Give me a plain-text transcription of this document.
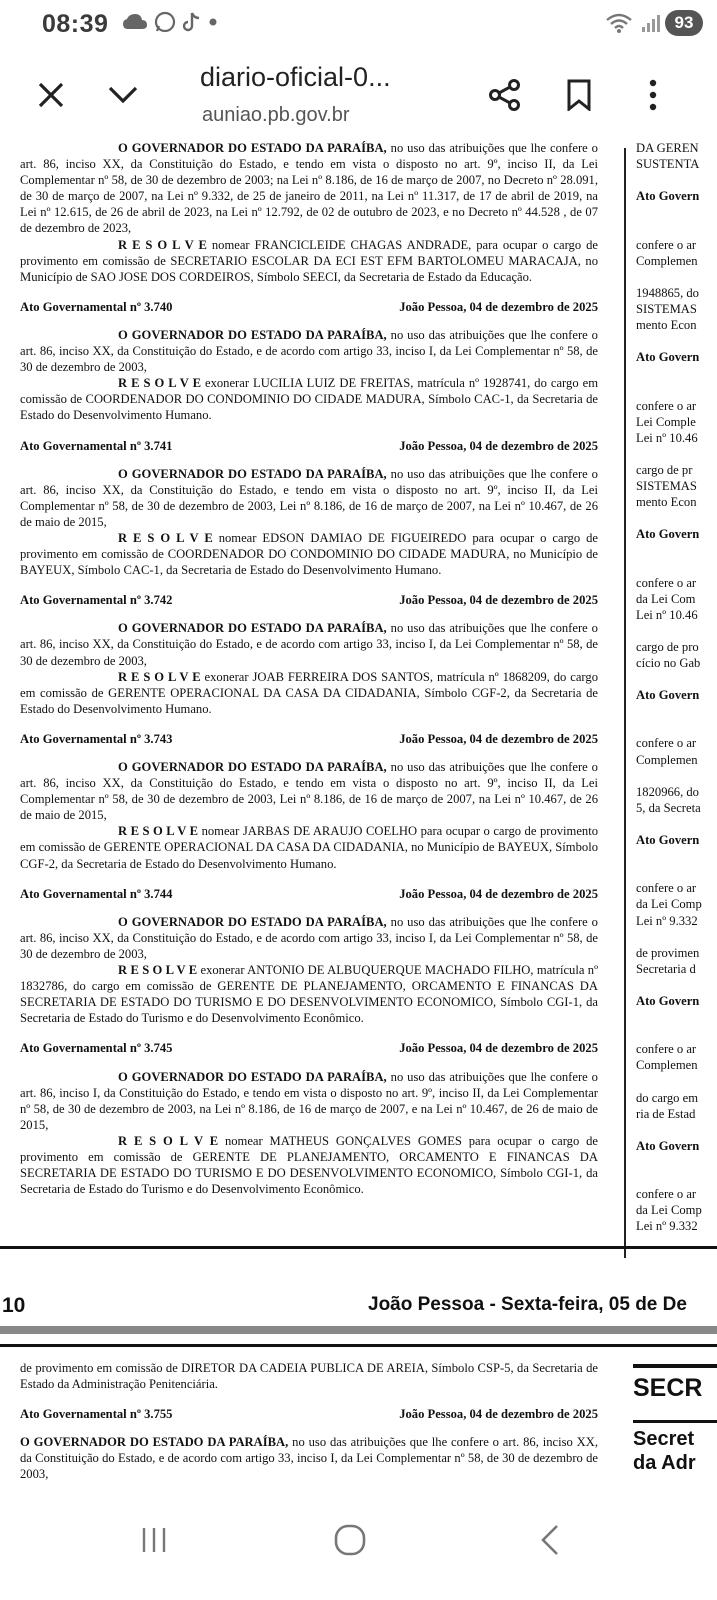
08:39	93
diario-oficial-0...
auniao.pb.gov.br

O GOVERNADOR DO ESTADO DA PARAÍBA, no uso das atribuições que lhe confere o art. 86, inciso XX, da Constituição do Estado, e tendo em vista o disposto no art. 9º, inciso II, da Lei Complementar nº 58, de 30 de dezembro de 2003; na Lei nº 8.186, de 16 de março de 2007, no Decreto nº 28.091, de 30 de março de 2007, na Lei nº 9.332, de 25 de janeiro de 2011, na Lei nº 11.317, de 17 de abril de 2019, na Lei nº 12.615, de 26 de abril de 2023, na Lei nº 12.792, de 02 de outubro de 2023, e no Decreto nº 44.528 , de 07 de dezembro de 2023,

R E S O L V E nomear FRANCICLEIDE CHAGAS ANDRADE, para ocupar o cargo de provimento em comissão de SECRETARIO ESCOLAR DA ECI EST EFM BARTOLOMEU MARACAJA, no Município de SAO JOSE DOS CORDEIROS, Símbolo SEECI, da Secretaria de Estado da Educação.

Ato Governamental nº 3.740	João Pessoa, 04 de dezembro de 2025

O GOVERNADOR DO ESTADO DA PARAÍBA, no uso das atribuições que lhe confere o art. 86, inciso XX, da Constituição do Estado, e de acordo com artigo 33, inciso I, da Lei Complementar nº 58, de 30 de dezembro de 2003,

R E S O L V E exonerar LUCILIA LUIZ DE FREITAS, matrícula nº 1928741, do cargo em comissão de COORDENADOR DO CONDOMINIO DO CIDADE MADURA, Símbolo CAC-1, da Secretaria de Estado do Desenvolvimento Humano.

Ato Governamental nº 3.741	João Pessoa, 04 de dezembro de 2025

O GOVERNADOR DO ESTADO DA PARAÍBA, no uso das atribuições que lhe confere o art. 86, inciso XX, da Constituição do Estado, e tendo em vista o disposto no art. 9º, inciso II, da Lei Complementar nº 58, de 30 de dezembro de 2003, Lei nº 8.186, de 16 de março de 2007, na Lei nº 10.467, de 26 de maio de 2015,

R E S O L V E nomear EDSON DAMIAO DE FIGUEIREDO para ocupar o cargo de provimento em comissão de COORDENADOR DO CONDOMINIO DO CIDADE MADURA, no Município de BAYEUX, Símbolo CAC-1, da Secretaria de Estado do Desenvolvimento Humano.

Ato Governamental nº 3.742	João Pessoa, 04 de dezembro de 2025

O GOVERNADOR DO ESTADO DA PARAÍBA, no uso das atribuições que lhe confere o art. 86, inciso XX, da Constituição do Estado, e de acordo com artigo 33, inciso I, da Lei Complementar nº 58, de 30 de dezembro de 2003,

R E S O L V E exonerar JOAB FERREIRA DOS SANTOS, matrícula nº 1868209, do cargo em comissão de GERENTE OPERACIONAL DA CASA DA CIDADANIA, Símbolo CGF-2, da Secretaria de Estado do Desenvolvimento Humano.

Ato Governamental nº 3.743	João Pessoa, 04 de dezembro de 2025

O GOVERNADOR DO ESTADO DA PARAÍBA, no uso das atribuições que lhe confere o art. 86, inciso XX, da Constituição do Estado, e tendo em vista o disposto no art. 9º, inciso II, da Lei Complementar nº 58, de 30 de dezembro de 2003, Lei nº 8.186, de 16 de março de 2007, na Lei nº 10.467, de 26 de maio de 2015,

R E S O L V E nomear JARBAS DE ARAUJO COELHO para ocupar o cargo de provimento em comissão de GERENTE OPERACIONAL DA CASA DA CIDADANIA, no Município de BAYEUX, Símbolo CGF-2, da Secretaria de Estado do Desenvolvimento Humano.

Ato Governamental nº 3.744	João Pessoa, 04 de dezembro de 2025

O GOVERNADOR DO ESTADO DA PARAÍBA, no uso das atribuições que lhe confere o art. 86, inciso XX, da Constituição do Estado, e de acordo com artigo 33, inciso I, da Lei Complementar nº 58, de 30 de dezembro de 2003,

R E S O L V E exonerar ANTONIO DE ALBUQUERQUE MACHADO FILHO, matrícula nº 1832786, do cargo em comissão de GERENTE DE PLANEJAMENTO, ORCAMENTO E FINANCAS DA SECRETARIA DE ESTADO DO TURISMO E DO DESENVOLVIMENTO ECONOMICO, Símbolo CGI-1, da Secretaria de Estado do Turismo e do Desenvolvimento Econômico.

Ato Governamental nº 3.745	João Pessoa, 04 de dezembro de 2025

O GOVERNADOR DO ESTADO DA PARAÍBA, no uso das atribuições que lhe confere o art. 86, inciso I, da Constituição do Estado, e tendo em vista o disposto no art. 9º, inciso II, da Lei Complementar nº 58, de 30 de dezembro de 2003, na Lei nº 8.186, de 16 de março de 2007, e na Lei nº 10.467, de 26 de maio de 2015,

R E S O L V E nomear MATHEUS GONÇALVES GOMES para ocupar o cargo de provimento em comissão de GERENTE DE PLANEJAMENTO, ORCAMENTO E FINANCAS DA SECRETARIA DE ESTADO DO TURISMO E DO DESENVOLVIMENTO ECONOMICO, Símbolo CGI-1, da Secretaria de Estado do Turismo e do Desenvolvimento Econômico.

DA GEREN
SUSTENTA
Ato Govern
confere o ar
Complemen
1948865, do
SISTEMAS
mento Econ
Ato Govern
confere o ar
Lei Comple
Lei nº 10.46
cargo de pr
SISTEMAS
mento Econ
Ato Govern
confere o ar
da Lei Com
Lei nº 10.46
cargo de pro
cício no Gab
Ato Govern
confere o ar
Complemen
1820966, do
5, da Secreta
Ato Govern
confere o ar
da Lei Comp
Lei nº 9.332
de provimen
Secretaria d
Ato Govern
confere o ar
Complemen
do cargo em
ria de Estad
Ato Govern
confere o ar
da Lei Comp
Lei nº 9.332
10	João Pessoa - Sexta-feira, 05 de De

de provimento em comissão de DIRETOR DA CADEIA PUBLICA DE AREIA, Símbolo CSP-5, da Secretaria de Estado da Administração Penitenciária.

Ato Governamental nº 3.755	João Pessoa, 04 de dezembro de 2025

O GOVERNADOR DO ESTADO DA PARAÍBA, no uso das atribuições que lhe confere o art. 86, inciso XX, da Constituição do Estado, e de acordo com artigo 33, inciso I, da Lei Complementar nº 58, de 30 de dezembro de 2003,

SECR
Secret
da Adr
